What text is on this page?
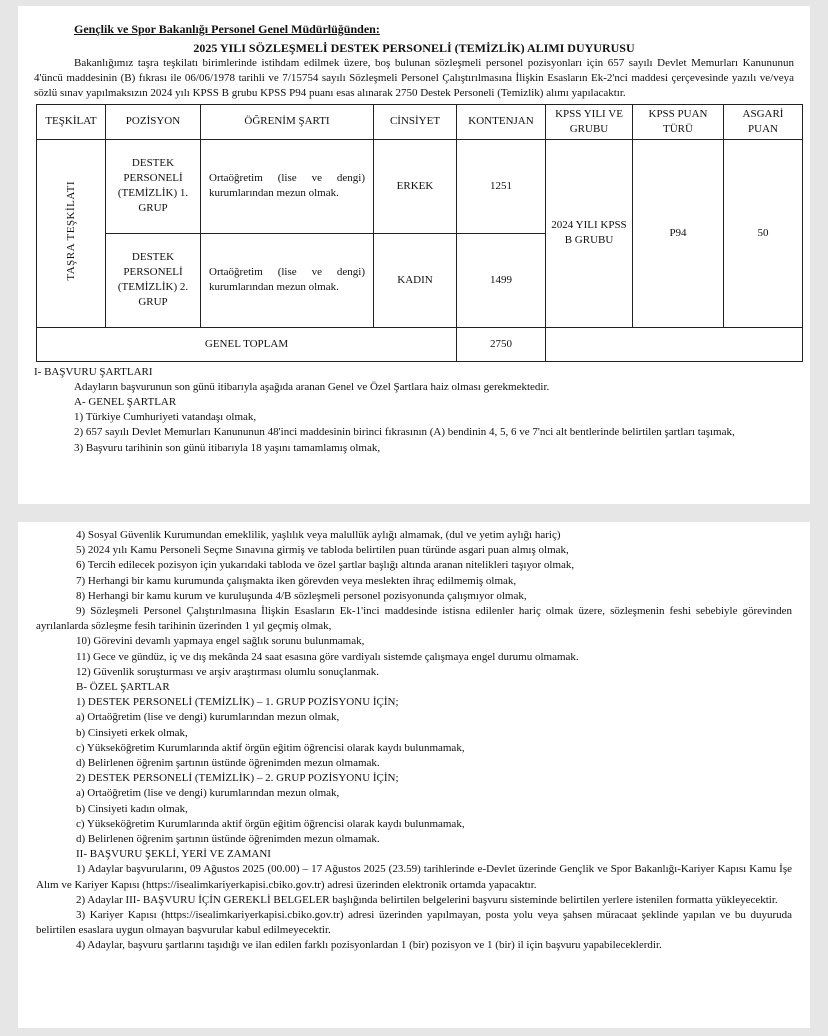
Gençlik ve Spor Bakanlığı Personel Genel Müdürlüğünden:
2025 YILI SÖZLEŞMELİ DESTEK PERSONELİ (TEMİZLİK) ALIMI DUYURUSU

Bakanlığımız taşra teşkilatı birimlerinde istihdam edilmek üzere, boş bulunan sözleşmeli personel pozisyonları için 657 sayılı Devlet Memurları Kanununun 4'üncü maddesinin (B) fıkrası ile 06/06/1978 tarihli ve 7/15754 sayılı Sözleşmeli Personel Çalıştırılmasına İlişkin Esasların Ek-2'nci maddesi çerçevesinde yazılı ve/veya sözlü sınav yapılmaksızın 2024 yılı KPSS B grubu KPSS P94 puanı esas alınarak 2750 Destek Personeli (Temizlik) alımı yapılacaktır.

TEŞKİLAT	POZİSYON	ÖĞRENİM ŞARTI	CİNSİYET	KONTENJAN	KPSS YILI VE GRUBU	KPSS PUAN TÜRÜ	ASGARİ PUAN
TAŞRA TEŞKİLATI	DESTEK PERSONELİ (TEMİZLİK) 1. GRUP	Ortaöğretim (lise ve dengi) kurumlarından mezun olmak.	ERKEK	1251	2024 YILI KPSS B GRUBU	P94	50
	DESTEK PERSONELİ (TEMİZLİK) 2. GRUP	Ortaöğretim (lise ve dengi) kurumlarından mezun olmak.	KADIN	1499			
GENEL TOPLAM				2750			

I- BAŞVURU ŞARTLARI

Adayların başvurunun son günü itibarıyla aşağıda aranan Genel ve Özel Şartlara haiz olması gerekmektedir.

A- GENEL ŞARTLAR

1) Türkiye Cumhuriyeti vatandaşı olmak,

2) 657 sayılı Devlet Memurları Kanununun 48'inci maddesinin birinci fıkrasının (A) bendinin 4, 5, 6 ve 7'nci alt bentlerinde belirtilen şartları taşımak,

3) Başvuru tarihinin son günü itibarıyla 18 yaşını tamamlamış olmak,

4) Sosyal Güvenlik Kurumundan emeklilik, yaşlılık veya malullük aylığı almamak, (dul ve yetim aylığı hariç)

5) 2024 yılı Kamu Personeli Seçme Sınavına girmiş ve tabloda belirtilen puan türünde asgari puan almış olmak,

6) Tercih edilecek pozisyon için yukarıdaki tabloda ve özel şartlar başlığı altında aranan nitelikleri taşıyor olmak,

7) Herhangi bir kamu kurumunda çalışmakta iken görevden veya meslekten ihraç edilmemiş olmak,

8) Herhangi bir kamu kurum ve kuruluşunda 4/B sözleşmeli personel pozisyonunda çalışmıyor olmak,

9) Sözleşmeli Personel Çalıştırılmasına İlişkin Esasların Ek-1'inci maddesinde istisna edilenler hariç olmak üzere, sözleşmenin feshi sebebiyle görevinden ayrılanlarda sözleşme fesih tarihinin üzerinden 1 yıl geçmiş olmak,

10) Görevini devamlı yapmaya engel sağlık sorunu bulunmamak,

11) Gece ve gündüz, iç ve dış mekânda 24 saat esasına göre vardiyalı sistemde çalışmaya engel durumu olmamak.

12) Güvenlik soruşturması ve arşiv araştırması olumlu sonuçlanmak.

B- ÖZEL ŞARTLAR

1) DESTEK PERSONELİ (TEMİZLİK) – 1. GRUP POZİSYONU İÇİN;

a) Ortaöğretim (lise ve dengi) kurumlarından mezun olmak,

b) Cinsiyeti erkek olmak,

c) Yükseköğretim Kurumlarında aktif örgün eğitim öğrencisi olarak kaydı bulunmamak,

d) Belirlenen öğrenim şartının üstünde öğrenimden mezun olmamak.

2) DESTEK PERSONELİ (TEMİZLİK) – 2. GRUP POZİSYONU İÇİN;

a) Ortaöğretim (lise ve dengi) kurumlarından mezun olmak,

b) Cinsiyeti kadın olmak,

c) Yükseköğretim Kurumlarında aktif örgün eğitim öğrencisi olarak kaydı bulunmamak,

d) Belirlenen öğrenim şartının üstünde öğrenimden mezun olmamak.

II- BAŞVURU ŞEKLİ, YERİ VE ZAMANI

1) Adaylar başvurularını, 09 Ağustos 2025 (00.00) – 17 Ağustos 2025 (23.59) tarihlerinde e-Devlet üzerinde Gençlik ve Spor Bakanlığı-Kariyer Kapısı Kamu İşe Alım ve Kariyer Kapısı (https://isealimkariyerkapisi.cbiko.gov.tr) adresi üzerinden elektronik ortamda yapacaktır.

2) Adaylar III- BAŞVURU İÇİN GEREKLİ BELGELER başlığında belirtilen belgelerini başvuru sisteminde belirtilen yerlere istenilen formatta yükleyecektir.

3) Kariyer Kapısı (https://isealimkariyerkapisi.cbiko.gov.tr) adresi üzerinden yapılmayan, posta yolu veya şahsen müracaat şeklinde yapılan ve bu duyuruda belirtilen esaslara uygun olmayan başvurular kabul edilmeyecektir.

4) Adaylar, başvuru şartlarını taşıdığı ve ilan edilen farklı pozisyonlardan 1 (bir) pozisyon ve 1 (bir) il için başvuru yapabileceklerdir.
